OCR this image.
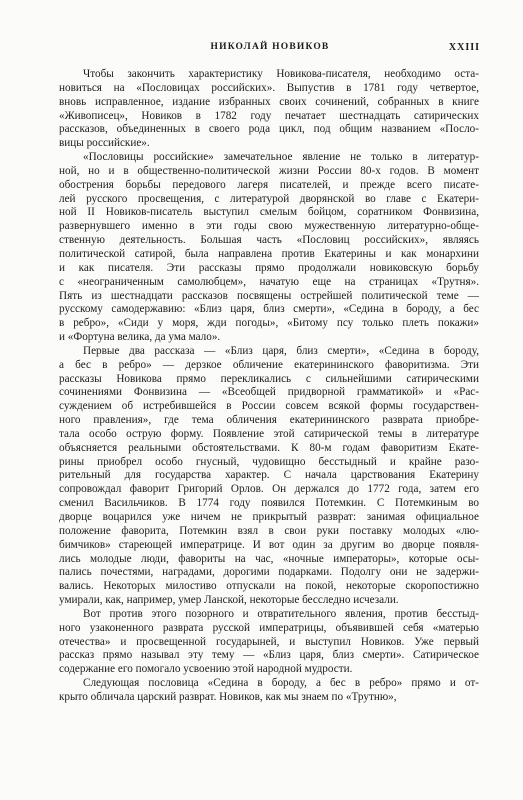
НИКОЛАЙ НОВИКОВ	XXIII
Чтобы закончить характеристику Новикова-писателя, необходимо оста-
новиться на «Пословицах российских». Выпустив в 1781 году четвертое,
вновь исправленное, издание избранных своих сочинений, собранных в книге
«Живописец», Новиков в 1782 году печатает шестнадцать сатирических
рассказов, объединенных в своего рода цикл, под общим названием «Посло-
вицы российские».
«Пословицы российские» замечательное явление не только в литератур-
ной, но и в общественно-политической жизни России 80-х годов. В момент
обострения борьбы передового лагеря писателей, и прежде всего писате-
лей русского просвещения, с литературой дворянской во главе с Екатери-
ной II Новиков-писатель выступил смелым бойцом, соратником Фонвизина,
развернувшего именно в эти годы свою мужественную литературно-обще-
ственную деятельность. Большая часть «Пословиц российских», являясь
политической сатирой, была направлена против Екатерины и как монархини
и как писателя. Эти рассказы прямо продолжали новиковскую борьбу
с «неограниченным самолюбцем», начатую еще на страницах «Трутня».
Пять из шестнадцати рассказов посвящены острейшей политической теме —
русскому самодержавию: «Близ царя, близ смерти», «Седина в бороду, а бес
в ребро», «Сиди у моря, жди погоды», «Битому псу только плеть покажи»
и «Фортуна велика, да ума мало».
Первые два рассказа — «Близ царя, близ смерти», «Седина в бороду,
а бес в ребро» — дерзкое обличение екатерининского фаворитизма. Эти
рассказы Новикова прямо перекликались с сильнейшими сатирическими
сочинениями Фонвизина — «Всеобщей придворной грамматикой» и «Рас-
суждением об истребившейся в России совсем всякой формы государствен-
ного правления», где тема обличения екатерининского разврата приобре-
тала особо острую форму. Появление этой сатирической темы в литературе
объясняется реальными обстоятельствами. К 80-м годам фаворитизм Екате-
рины приобрел особо гнусный, чудовищно бесстыдный и крайне разо-
рительный для государства характер. С начала царствования Екатерину
сопровождал фаворит Григорий Орлов. Он держался до 1772 года, затем его
сменил Васильчиков. В 1774 году появился Потемкин. С Потемкиным во
дворце воцарился уже ничем не прикрытый разврат: занимая официальное
положение фаворита, Потемкин взял в свои руки поставку молодых «лю-
бимчиков» стареющей императрице. И вот один за другим во дворце появля-
лись молодые люди, фавориты на час, «ночные императоры», которые осы-
пались почестями, наградами, дорогими подарками. Подолгу они не задержи-
вались. Некоторых милостиво отпускали на покой, некоторые скоропостижно
умирали, как, например, умер Ланской, некоторые бесследно исчезали.
Вот против этого позорного и отвратительного явления, против бесстыд-
ного узаконенного разврата русской императрицы, объявившей себя «матерью
отечества» и просвещенной государыней, и выступил Новиков. Уже первый
рассказ прямо называл эту тему — «Близ царя, близ смерти». Сатирическое
содержание его помогало усвоению этой народной мудрости.
Следующая пословица «Седина в бороду, а бес в ребро» прямо и от-
крыто обличала царский разврат. Новиков, как мы знаем по «Трутню»,
